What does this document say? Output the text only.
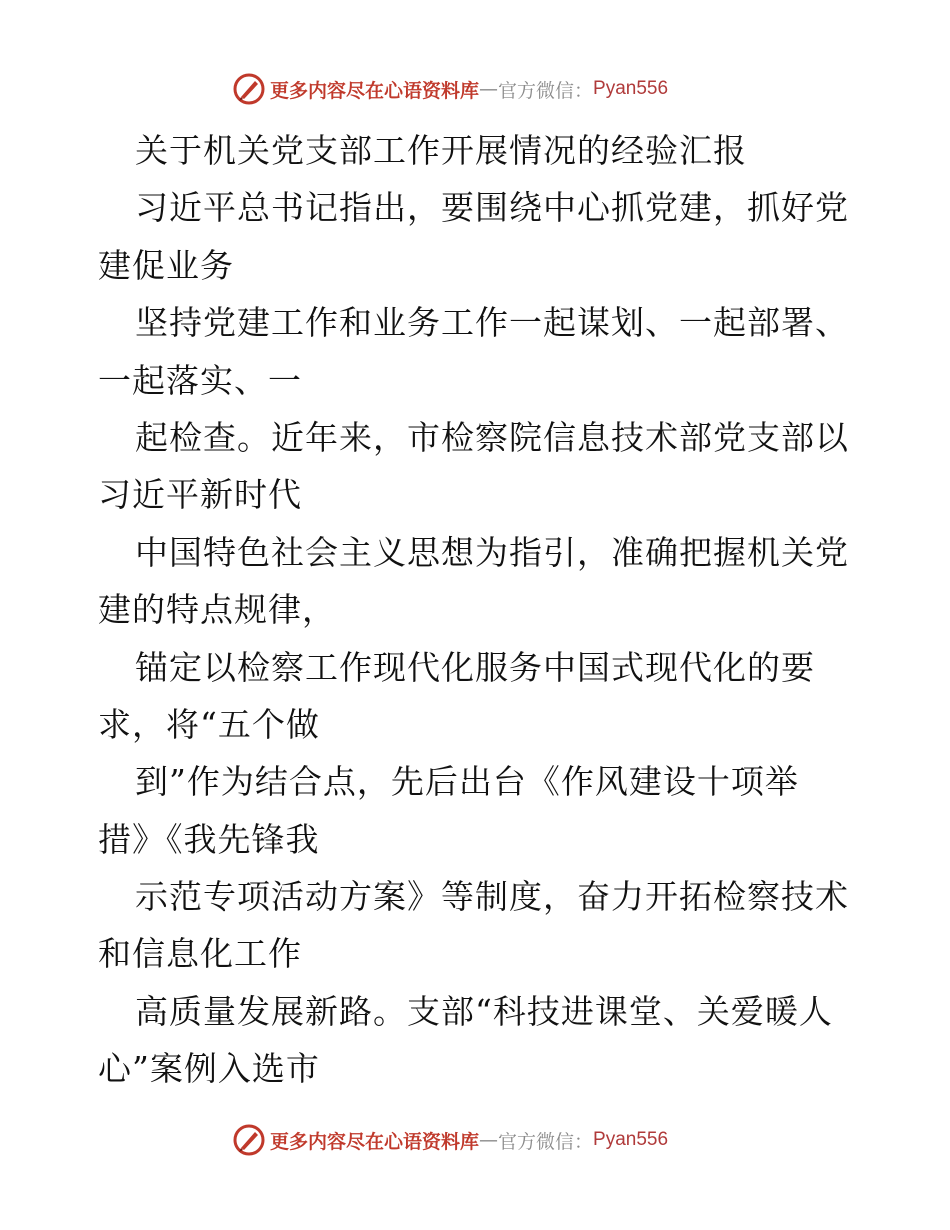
更多内容尽在心语资料库 — 官方微信： Pyan556
关于机关党支部工作开展情况的经验汇报
习近平总书记指出，要围绕中心抓党建，抓好党
建促业务
坚持党建工作和业务工作一起谋划、一起部署、
一起落实、一
起检查。近年来，市检察院信息技术部党支部以
习近平新时代
中国特色社会主义思想为指引，准确把握机关党
建的特点规律，
锚定以检察工作现代化服务中国式现代化的要
求，将“五个做
到”作为结合点，先后出台《作风建设十项举
措》《我先锋我
示范专项活动方案》等制度，奋力开拓检察技术
和信息化工作
高质量发展新路。支部“科技进课堂、关爱暖人
心”案例入选市
更多内容尽在心语资料库 — 官方微信： Pyan556
